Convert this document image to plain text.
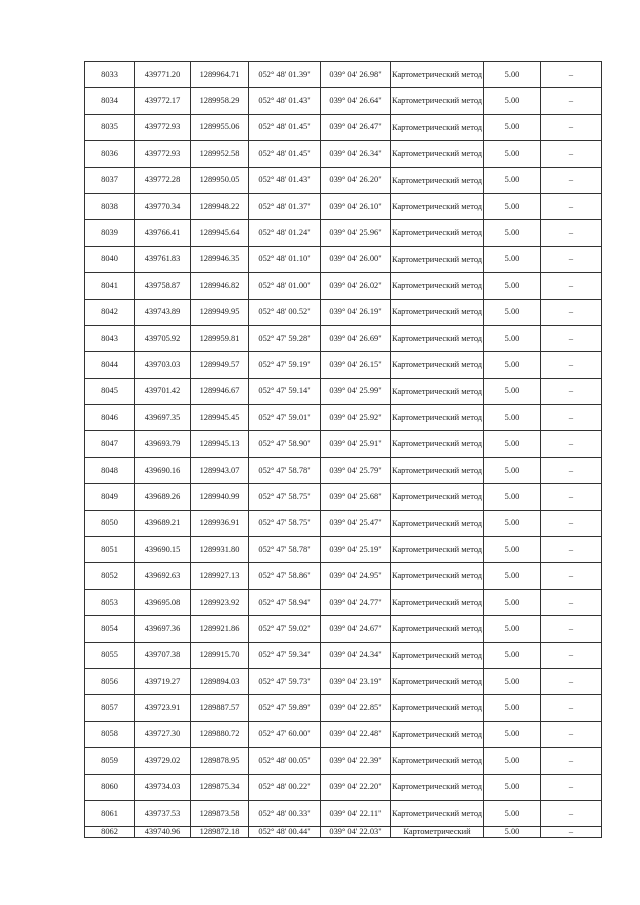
8033	439771.20	1289964.71	052° 48' 01.39"	039° 04' 26.98"	Картометрический метод	5.00	–
8034	439772.17	1289958.29	052° 48' 01.43"	039° 04' 26.64"	Картометрический метод	5.00	–
8035	439772.93	1289955.06	052° 48' 01.45"	039° 04' 26.47"	Картометрический метод	5.00	–
8036	439772.93	1289952.58	052° 48' 01.45"	039° 04' 26.34"	Картометрический метод	5.00	–
8037	439772.28	1289950.05	052° 48' 01.43"	039° 04' 26.20"	Картометрический метод	5.00	–
8038	439770.34	1289948.22	052° 48' 01.37"	039° 04' 26.10"	Картометрический метод	5.00	–
8039	439766.41	1289945.64	052° 48' 01.24"	039° 04' 25.96"	Картометрический метод	5.00	–
8040	439761.83	1289946.35	052° 48' 01.10"	039° 04' 26.00"	Картометрический метод	5.00	–
8041	439758.87	1289946.82	052° 48' 01.00"	039° 04' 26.02"	Картометрический метод	5.00	–
8042	439743.89	1289949.95	052° 48' 00.52"	039° 04' 26.19"	Картометрический метод	5.00	–
8043	439705.92	1289959.81	052° 47' 59.28"	039° 04' 26.69"	Картометрический метод	5.00	–
8044	439703.03	1289949.57	052° 47' 59.19"	039° 04' 26.15"	Картометрический метод	5.00	–
8045	439701.42	1289946.67	052° 47' 59.14"	039° 04' 25.99"	Картометрический метод	5.00	–
8046	439697.35	1289945.45	052° 47' 59.01"	039° 04' 25.92"	Картометрический метод	5.00	–
8047	439693.79	1289945.13	052° 47' 58.90"	039° 04' 25.91"	Картометрический метод	5.00	–
8048	439690.16	1289943.07	052° 47' 58.78"	039° 04' 25.79"	Картометрический метод	5.00	–
8049	439689.26	1289940.99	052° 47' 58.75"	039° 04' 25.68"	Картометрический метод	5.00	–
8050	439689.21	1289936.91	052° 47' 58.75"	039° 04' 25.47"	Картометрический метод	5.00	–
8051	439690.15	1289931.80	052° 47' 58.78"	039° 04' 25.19"	Картометрический метод	5.00	–
8052	439692.63	1289927.13	052° 47' 58.86"	039° 04' 24.95"	Картометрический метод	5.00	–
8053	439695.08	1289923.92	052° 47' 58.94"	039° 04' 24.77"	Картометрический метод	5.00	–
8054	439697.36	1289921.86	052° 47' 59.02"	039° 04' 24.67"	Картометрический метод	5.00	–
8055	439707.38	1289915.70	052° 47' 59.34"	039° 04' 24.34"	Картометрический метод	5.00	–
8056	439719.27	1289894.03	052° 47' 59.73"	039° 04' 23.19"	Картометрический метод	5.00	–
8057	439723.91	1289887.57	052° 47' 59.89"	039° 04' 22.85"	Картометрический метод	5.00	–
8058	439727.30	1289880.72	052° 47' 60.00"	039° 04' 22.48"	Картометрический метод	5.00	–
8059	439729.02	1289878.95	052° 48' 00.05"	039° 04' 22.39"	Картометрический метод	5.00	–
8060	439734.03	1289875.34	052° 48' 00.22"	039° 04' 22.20"	Картометрический метод	5.00	–
8061	439737.53	1289873.58	052° 48' 00.33"	039° 04' 22.11"	Картометрический метод	5.00	–
8062	439740.96	1289872.18	052° 48' 00.44"	039° 04' 22.03"	Картометрический	5.00	–
